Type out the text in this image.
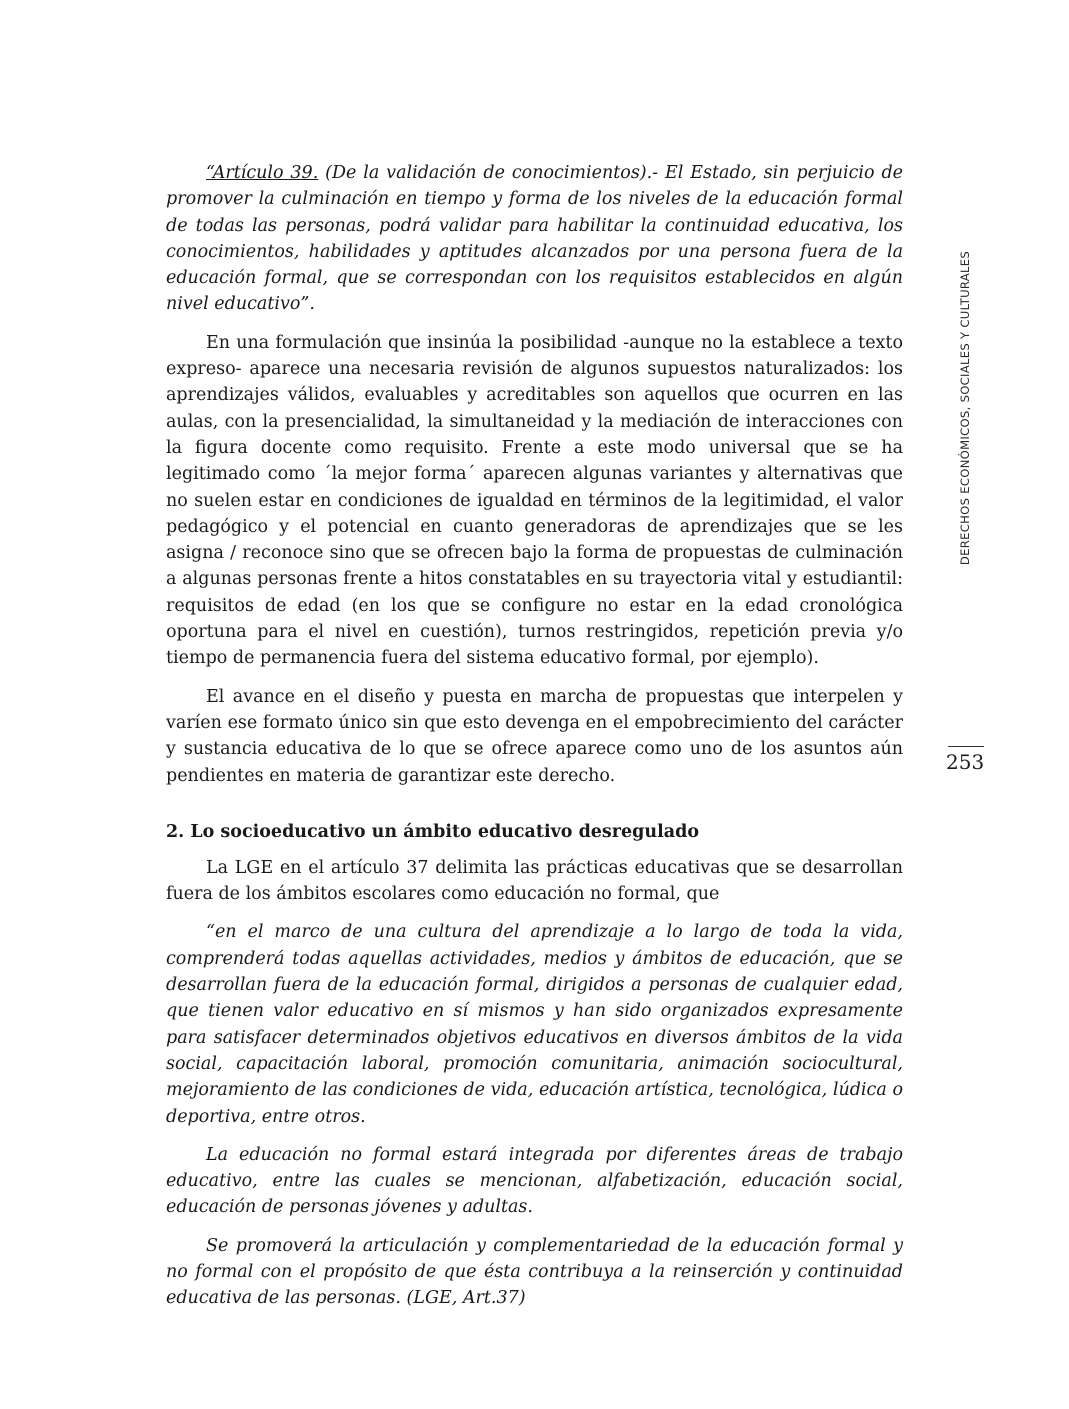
“Artículo 39. (De la validación de conocimientos).- El Estado, sin perjuicio de promover la culminación en tiempo y forma de los niveles de la educación formal de todas las personas, podrá validar para habilitar la continuidad educativa, los conocimientos, habilidades y aptitudes alcanzados por una persona fuera de la educación formal, que se correspondan con los requisitos establecidos en algún nivel educativo”.

En una formulación que insinúa la posibilidad -aunque no la establece a texto expreso- aparece una necesaria revisión de algunos supuestos naturalizados: los aprendizajes válidos, evaluables y acreditables son aquellos que ocurren en las aulas, con la presencialidad, la simultaneidad y la mediación de interacciones con la figura docente como requisito. Frente a este modo universal que se ha legitimado como ´la mejor forma´ aparecen algunas variantes y alternativas que no suelen estar en condiciones de igualdad en términos de la legitimidad, el valor pedagógico y el potencial en cuanto generadoras de aprendizajes que se les asigna / reconoce sino que se ofrecen bajo la forma de propuestas de culminación a algunas personas frente a hitos constatables en su trayectoria vital y estudiantil: requisitos de edad (en los que se configure no estar en la edad cronológica oportuna para el nivel en cuestión), turnos restringidos, repetición previa y/o tiempo de permanencia fuera del sistema educativo formal, por ejemplo).

El avance en el diseño y puesta en marcha de propuestas que interpelen y varíen ese formato único sin que esto devenga en el empobrecimiento del carácter y sustancia educativa de lo que se ofrece aparece como uno de los asuntos aún pendientes en materia de garantizar este derecho.

2. Lo socioeducativo un ámbito educativo desregulado

La LGE en el artículo 37 delimita las prácticas educativas que se desarrollan fuera de los ámbitos escolares como educación no formal, que

“en el marco de una cultura del aprendizaje a lo largo de toda la vida, comprenderá todas aquellas actividades, medios y ámbitos de educación, que se desarrollan fuera de la educación formal, dirigidos a personas de cualquier edad, que tienen valor educativo en sí mismos y han sido organizados expresamente para satisfacer determinados objetivos educativos en diversos ámbitos de la vida social, capacitación laboral, promoción comunitaria, animación sociocultural, mejoramiento de las condiciones de vida, educación artística, tecnológica, lúdica o deportiva, entre otros.

La educación no formal estará integrada por diferentes áreas de trabajo educativo, entre las cuales se mencionan, alfabetización, educación social, educación de personas jóvenes y adultas.

Se promoverá la articulación y complementariedad de la educación formal y no formal con el propósito de que ésta contribuya a la reinserción y continuidad educativa de las personas. (LGE, Art.37)

DERECHOS ECONÓMICOS, SOCIALES Y CULTURALES
253
